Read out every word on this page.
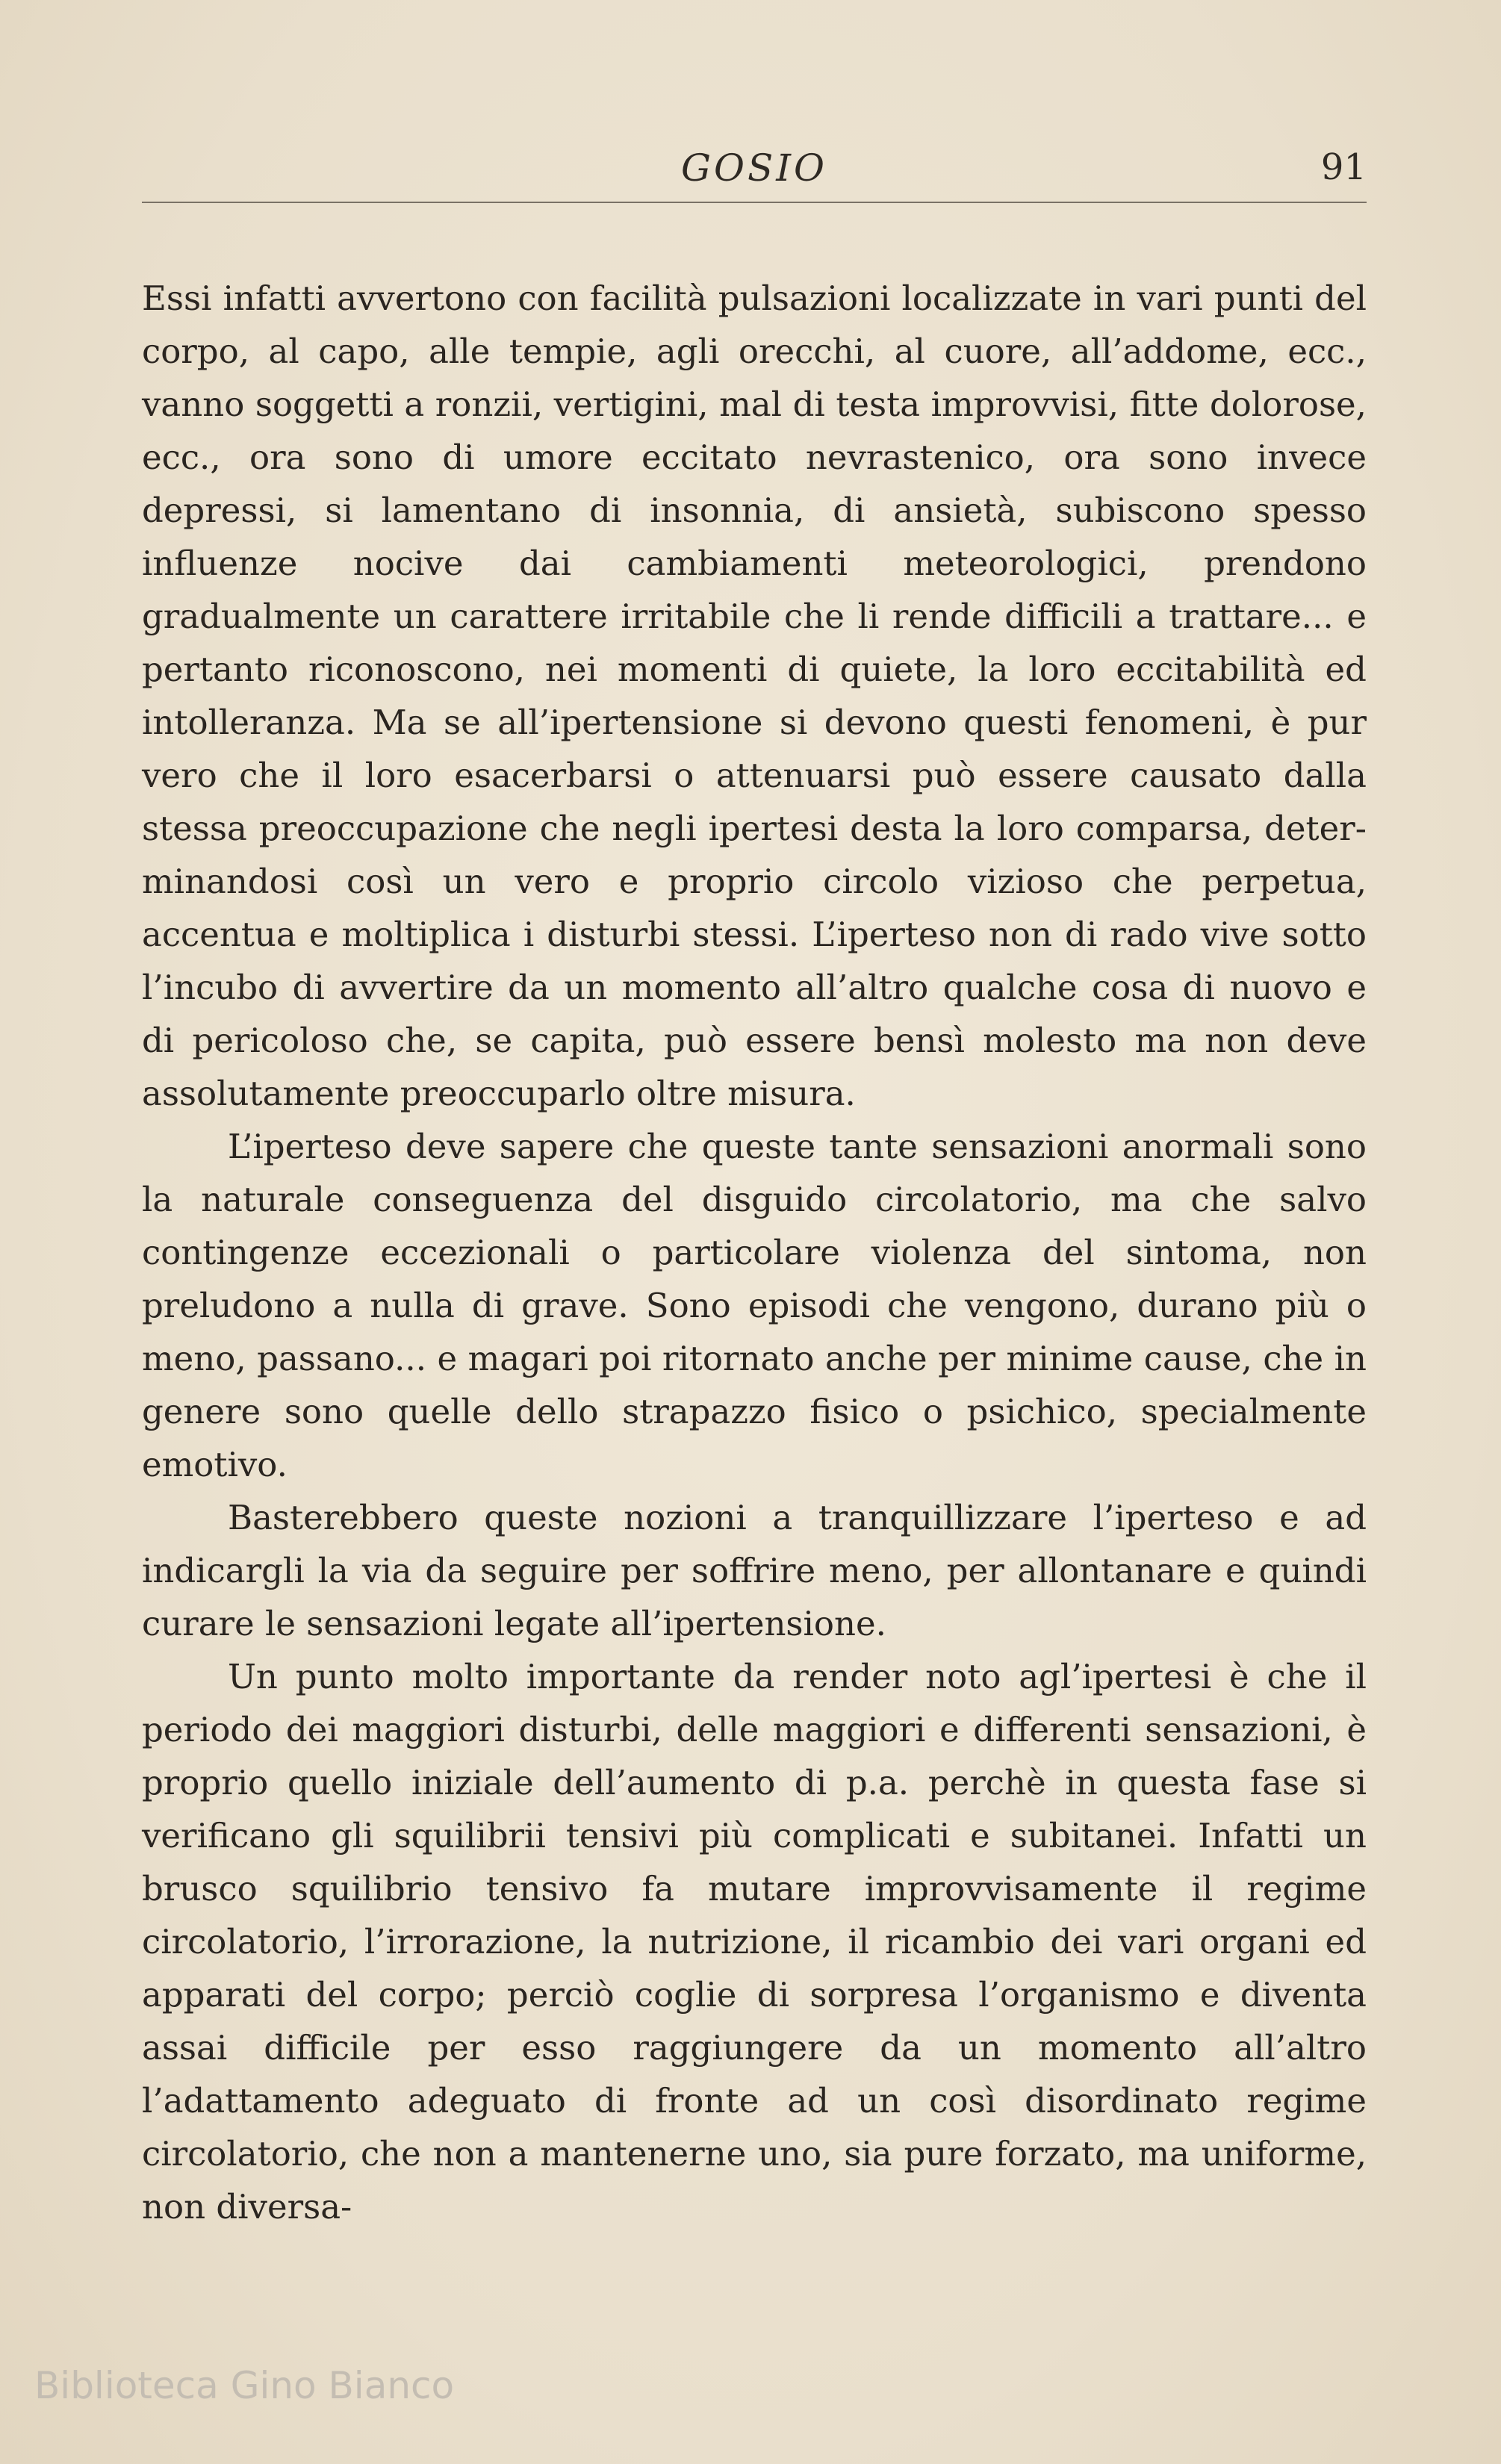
GOSIO	91

Essi infatti avvertono con facilità pulsazioni localizzate in vari punti del corpo, al capo, alle tempie, agli orecchi, al cuore, all’addome, ecc., vanno soggetti a ronzii, vertigini, mal di testa improvvisi, fitte dolorose, ecc., ora sono di umore eccitato nevrastenico, ora sono invece depressi, si lamentano di insonnia, di ansietà, subiscono spesso influenze nocive dai cambiamenti meteorologici, prendono gradualmente un carattere irritabile che li rende difficili a trattare... e pertanto riconoscono, nei momenti di quiete, la loro eccitabilità ed intolleranza. Ma se all’ipertensione si devono questi fenomeni, è pur vero che il loro esacerbarsi o attenuarsi può essere causato dalla stessa preoccupazione che negli ipertesi desta la loro comparsa, determinandosi così un vero e proprio circolo vizioso che perpetua, accentua e moltiplica i disturbi stessi. L’iperteso non di rado vive sotto l’incubo di avvertire da un momento all’altro qualche cosa di nuovo e di pericoloso che, se capita, può essere bensì molesto ma non deve assolutamente preoccuparlo oltre misura.

L’iperteso deve sapere che queste tante sensazioni anormali sono la naturale conseguenza del disguido circolatorio, ma che salvo contingenze eccezionali o particolare violenza del sintoma, non preludono a nulla di grave. Sono episodi che vengono, durano più o meno, passano... e magari poi ritornato anche per minime cause, che in genere sono quelle dello strapazzo fisico o psichico, specialmente emotivo.

Basterebbero queste nozioni a tranquillizzare l’iperteso e ad indicargli la via da seguire per soffrire meno, per allontanare e quindi curare le sensazioni legate all’ipertensione.

Un punto molto importante da render noto agl’ipertesi è che il periodo dei maggiori disturbi, delle maggiori e differenti sensazioni, è proprio quello iniziale dell’aumento di p.a. perchè in questa fase si verificano gli squilibrii tensivi più complicati e subitanei. Infatti un brusco squilibrio tensivo fa mutare improvvisamente il regime circolatorio, l’irrorazione, la nutrizione, il ricambio dei vari organi ed apparati del corpo; perciò coglie di sorpresa l’organismo e diventa assai difficile per esso raggiungere da un momento all’altro l’adattamento adeguato di fronte ad un così disordinato regime circolatorio, che non a mantenerne uno, sia pure forzato, ma uniforme, non diversa-

Biblioteca Gino Bianco
